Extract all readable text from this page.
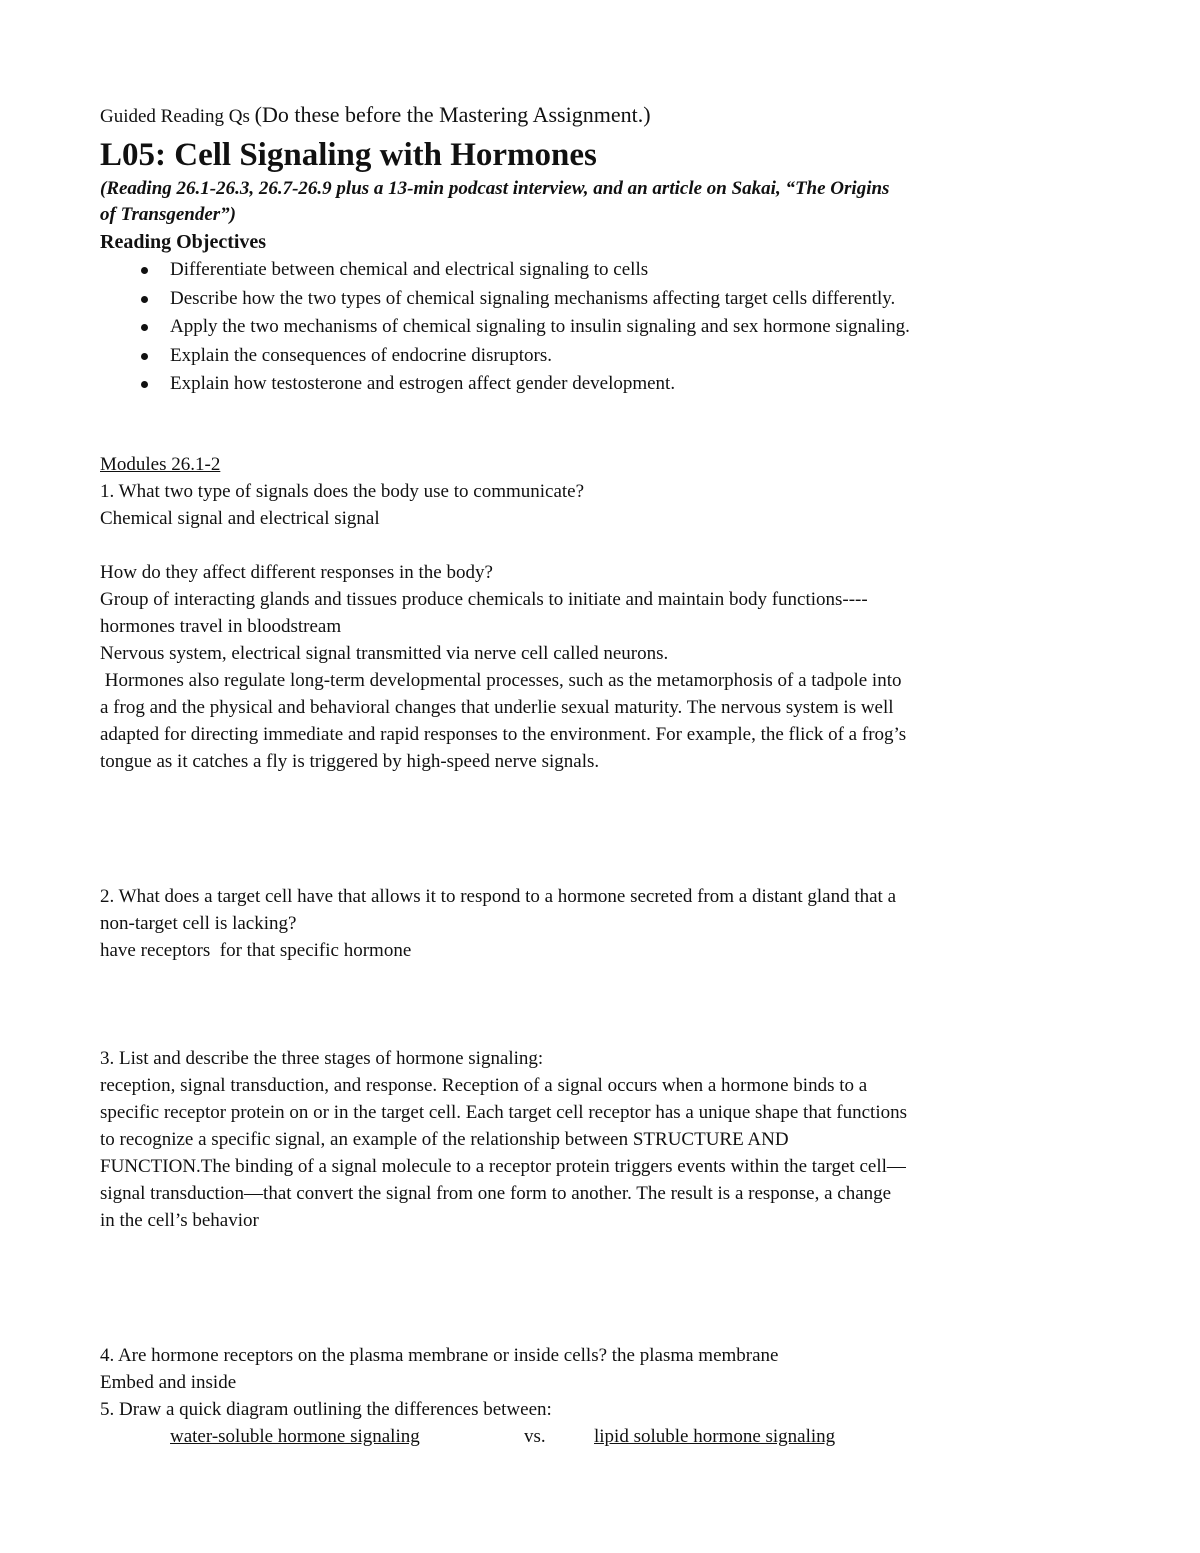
Guided Reading Qs (Do these before the Mastering Assignment.)
L05: Cell Signaling with Hormones
(Reading 26.1-26.3, 26.7-26.9 plus a 13-min podcast interview, and an article on Sakai, “The Origins
of Transgender”)
Reading Objectives
Differentiate between chemical and electrical signaling to cells
Describe how the two types of chemical signaling mechanisms affecting target cells differently.
Apply the two mechanisms of chemical signaling to insulin signaling and sex hormone signaling.
Explain the consequences of endocrine disruptors.
Explain how testosterone and estrogen affect gender development.
Modules 26.1-2
1. What two type of signals does the body use to communicate?
Chemical signal and electrical signal
How do they affect different responses in the body?
Group of interacting glands and tissues produce chemicals to initiate and maintain body functions----
hormones travel in bloodstream
Nervous system, electrical signal transmitted via nerve cell called neurons.
Hormones also regulate long-term developmental processes, such as the metamorphosis of a tadpole into
a frog and the physical and behavioral changes that underlie sexual maturity. The nervous system is well
adapted for directing immediate and rapid responses to the environment. For example, the flick of a frog’s
tongue as it catches a fly is triggered by high-speed nerve signals.
2. What does a target cell have that allows it to respond to a hormone secreted from a distant gland that a
non-target cell is lacking?
have receptors  for that specific hormone
3. List and describe the three stages of hormone signaling:
reception, signal transduction, and response. Reception of a signal occurs when a hormone binds to a
specific receptor protein on or in the target cell. Each target cell receptor has a unique shape that functions
to recognize a specific signal, an example of the relationship between STRUCTURE AND
FUNCTION.The binding of a signal molecule to a receptor protein triggers events within the target cell—
signal transduction—that convert the signal from one form to another. The result is a response, a change
in the cell’s behavior
4. Are hormone receptors on the plasma membrane or inside cells? the plasma membrane
Embed and inside
5. Draw a quick diagram outlining the differences between:
water-soluble hormone signaling	vs.	lipid soluble hormone signaling
